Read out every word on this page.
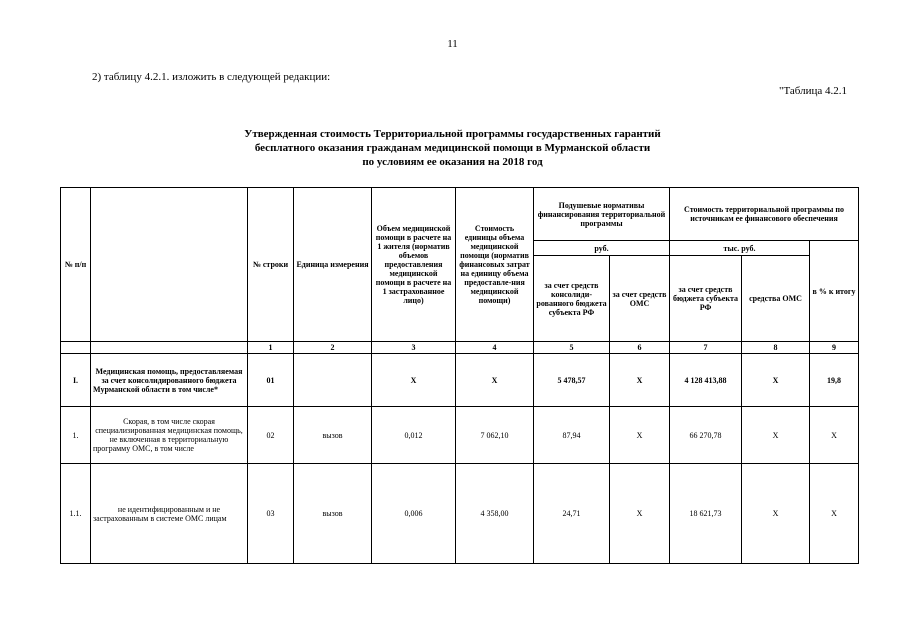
11
2) таблицу 4.2.1. изложить в следующей редакции:
"Таблица 4.2.1
Утвержденная стоимость Территориальной программы государственных гарантий
бесплатного оказания гражданам медицинской помощи в Мурманской области
по условиям ее оказания на 2018 год
№ п/п		№ строки	Единица измерения	Объем медицинской помощи в расчете на 1 жителя (норматив объемов предоставления медицинской помощи в расчете на 1 застрахованное лицо)	Стоимость единицы объема медицинской помощи (норматив финансовых затрат на единицу объема предоставле-ния медицинской помощи)	Подушевые нормативы финансирования территориальной программы		Стоимость территориальной программы по источникам ее финансового обеспечения		
						руб.		тыс. руб.		в % к итогу
						за счет средств консолиди-рованного бюджета субъекта РФ	за счет средств ОМС	за счет средств бюджета субъекта РФ	средства ОМС	
		1	2	3	4	5	6	7	8	9
I.	Медицинская помощь, предоставляемая за счет консолидированного бюджета Мурманской области в том числе*	01		X	X	5 478,57	X	4 128 413,88	X	19,8
1.	Скорая, в том числе скорая специализированная медицинская помощь, не включенная в территориальную программу ОМС, в том числе	02	вызов	0,012	7 062,10	87,94	X	66 270,78	X	X
1.1.	не идентифицированным и не застрахованным в системе ОМС лицам	03	вызов	0,006	4 358,00	24,71	X	18 621,73	X	X
